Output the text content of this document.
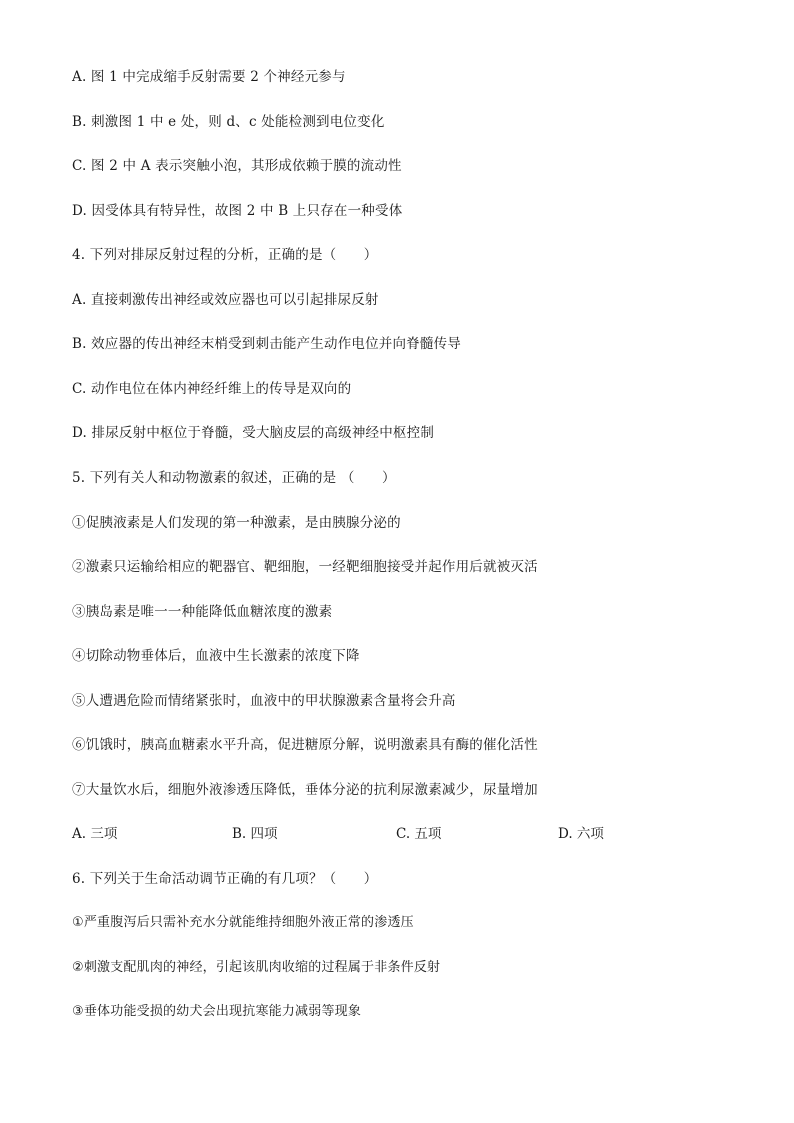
A. 图 1 中完成缩手反射需要 2 个神经元参与
B. 刺激图 1 中 e 处，则 d、c 处能检测到电位变化
C. 图 2 中 A 表示突触小泡，其形成依赖于膜的流动性
D. 因受体具有特异性，故图 2 中 B 上只存在一种受体
4. 下列对排尿反射过程的分析，正确的是（　　）
A. 直接刺激传出神经或效应器也可以引起排尿反射
B. 效应器的传出神经末梢受到刺击能产生动作电位并向脊髓传导
C. 动作电位在体内神经纤维上的传导是双向的
D. 排尿反射中枢位于脊髓，受大脑皮层的高级神经中枢控制
5. 下列有关人和动物激素的叙述，正确的是 （　　）
①促胰液素是人们发现的第一种激素，是由胰腺分泌的
②激素只运输给相应的靶器官、靶细胞，一经靶细胞接受并起作用后就被灭活
③胰岛素是唯一一种能降低血糖浓度的激素
④切除动物垂体后，血液中生长激素的浓度下降
⑤人遭遇危险而情绪紧张时，血液中的甲状腺激素含量将会升高
⑥饥饿时，胰高血糖素水平升高，促进糖原分解，说明激素具有酶的催化活性
⑦大量饮水后，细胞外液渗透压降低，垂体分泌的抗利尿激素减少，尿量增加
A. 三项	B. 四项	C. 五项	D. 六项
6. 下列关于生命活动调节正确的有几项？（　　）
①严重腹泻后只需补充水分就能维持细胞外液正常的渗透压
②刺激支配肌肉的神经，引起该肌肉收缩的过程属于非条件反射
③垂体功能受损的幼犬会出现抗寒能力减弱等现象
